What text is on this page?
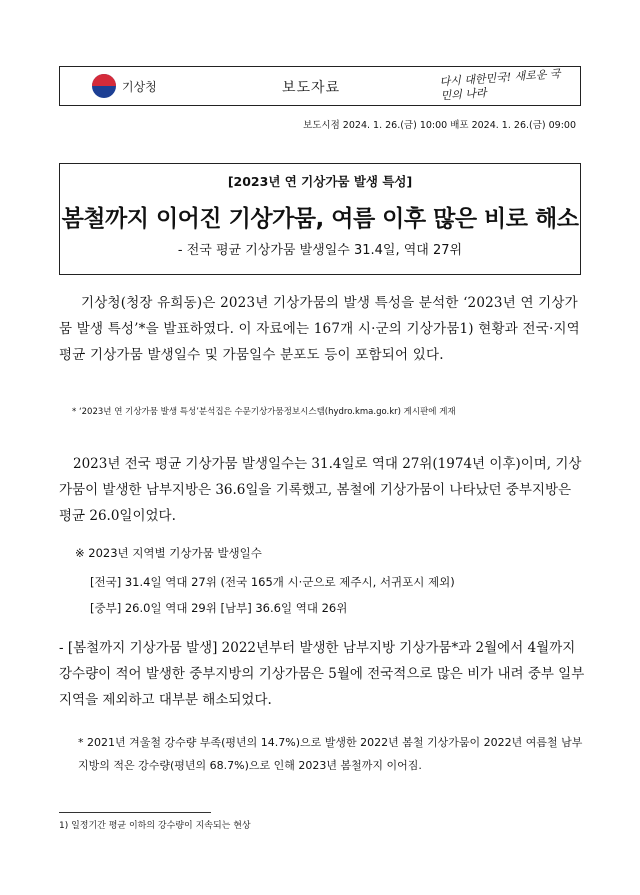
기상청	보도자료	다시 대한민국! 새로운 국민의 나라
보도시점 2024. 1. 26.(금) 10:00 배포 2024. 1. 26.(금) 09:00
[2023년 연 기상가뭄 발생 특성]
봄철까지 이어진 기상가뭄, 여름 이후 많은 비로 해소
- 전국 평균 기상가뭄 발생일수 31.4일, 역대 27위
기상청(청장 유희동)은 2023년 기상가뭄의 발생 특성을 분석한 ‘2023년 연 기상가뭄 발생 특성’*을 발표하였다. 이 자료에는 167개 시·군의 기상가뭄1) 현황과 전국·지역 평균 기상가뭄 발생일수 및 가뭄일수 분포도 등이 포함되어 있다.
* ‘2023년 연 기상가뭄 발생 특성’분석집은 수문기상가뭄정보시스템(hydro.kma.go.kr) 게시판에 게재
2023년 전국 평균 기상가뭄 발생일수는 31.4일로 역대 27위(1974년 이후)이며, 기상가뭄이 발생한 남부지방은 36.6일을 기록했고, 봄철에 기상가뭄이 나타났던 중부지방은 평균 26.0일이었다.
※ 2023년 지역별 기상가뭄 발생일수
[전국] 31.4일 역대 27위 (전국 165개 시·군으로 제주시, 서귀포시 제외)
[중부] 26.0일 역대 29위 [남부] 36.6일 역대 26위
- [봄철까지 기상가뭄 발생] 2022년부터 발생한 남부지방 기상가뭄*과 2월에서 4월까지 강수량이 적어 발생한 중부지방의 기상가뭄은 5월에 전국적으로 많은 비가 내려 중부 일부 지역을 제외하고 대부분 해소되었다.
* 2021년 겨울철 강수량 부족(평년의 14.7%)으로 발생한 2022년 봄철 기상가뭄이 2022년 여름철 남부지방의 적은 강수량(평년의 68.7%)으로 인해 2023년 봄철까지 이어짐.
1) 일정기간 평균 이하의 강수량이 지속되는 현상
